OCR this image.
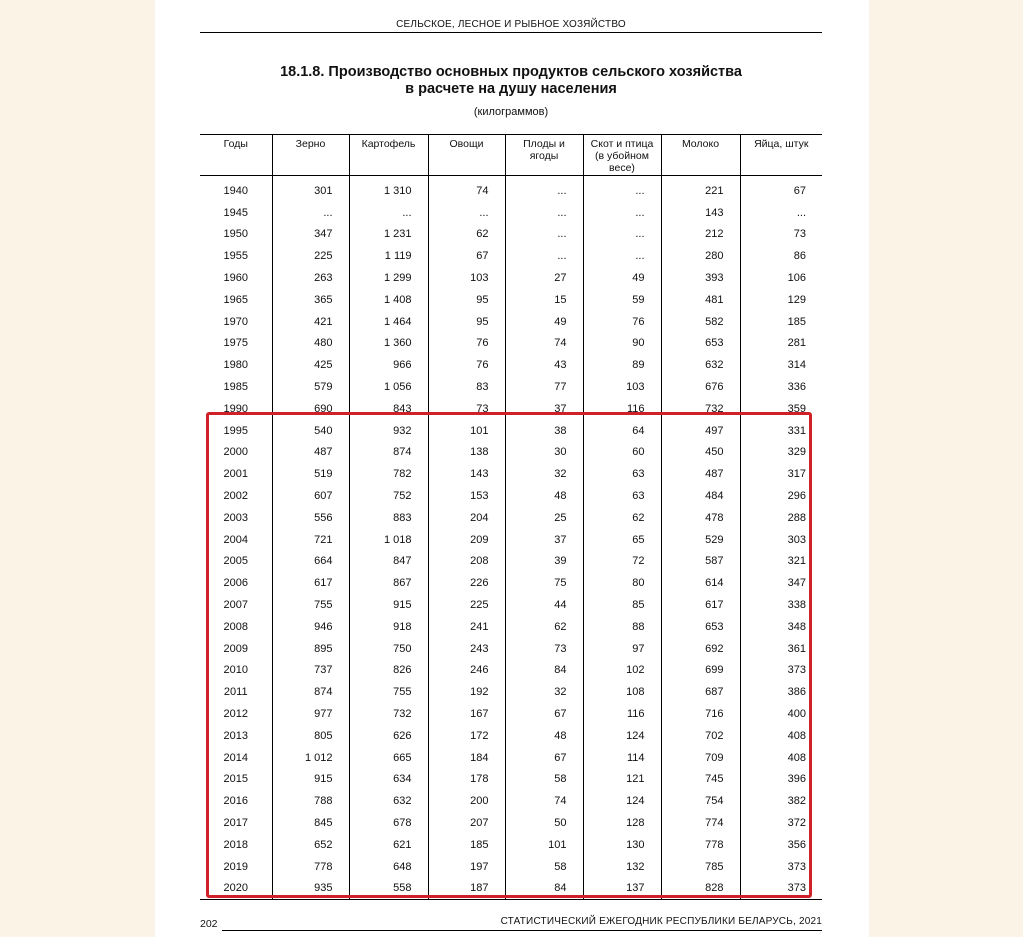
СЕЛЬСКОЕ, ЛЕСНОЕ И РЫБНОЕ ХОЗЯЙСТВО
18.1.8. Производство основных продуктов сельского хозяйства
в расчете на душу населения
(килограммов)
Годы	Зерно	Картофель	Овощи	Плоды и ягоды	Скот и птица (в убойном весе)	Молоко	Яйца, штук
1940	301	1 310	74	...	...	221	67
1945	...	...	...	...	...	143	...
1950	347	1 231	62	...	...	212	73
1955	225	1 119	67	...	...	280	86
1960	263	1 299	103	27	49	393	106
1965	365	1 408	95	15	59	481	129
1970	421	1 464	95	49	76	582	185
1975	480	1 360	76	74	90	653	281
1980	425	966	76	43	89	632	314
1985	579	1 056	83	77	103	676	336
1990	690	843	73	37	116	732	359
1995	540	932	101	38	64	497	331
2000	487	874	138	30	60	450	329
2001	519	782	143	32	63	487	317
2002	607	752	153	48	63	484	296
2003	556	883	204	25	62	478	288
2004	721	1 018	209	37	65	529	303
2005	664	847	208	39	72	587	321
2006	617	867	226	75	80	614	347
2007	755	915	225	44	85	617	338
2008	946	918	241	62	88	653	348
2009	895	750	243	73	97	692	361
2010	737	826	246	84	102	699	373
2011	874	755	192	32	108	687	386
2012	977	732	167	67	116	716	400
2013	805	626	172	48	124	702	408
2014	1 012	665	184	67	114	709	408
2015	915	634	178	58	121	745	396
2016	788	632	200	74	124	754	382
2017	845	678	207	50	128	774	372
2018	652	621	185	101	130	778	356
2019	778	648	197	58	132	785	373
2020	935	558	187	84	137	828	373
202	СТАТИСТИЧЕСКИЙ ЕЖЕГОДНИК РЕСПУБЛИКИ БЕЛАРУСЬ, 2021
